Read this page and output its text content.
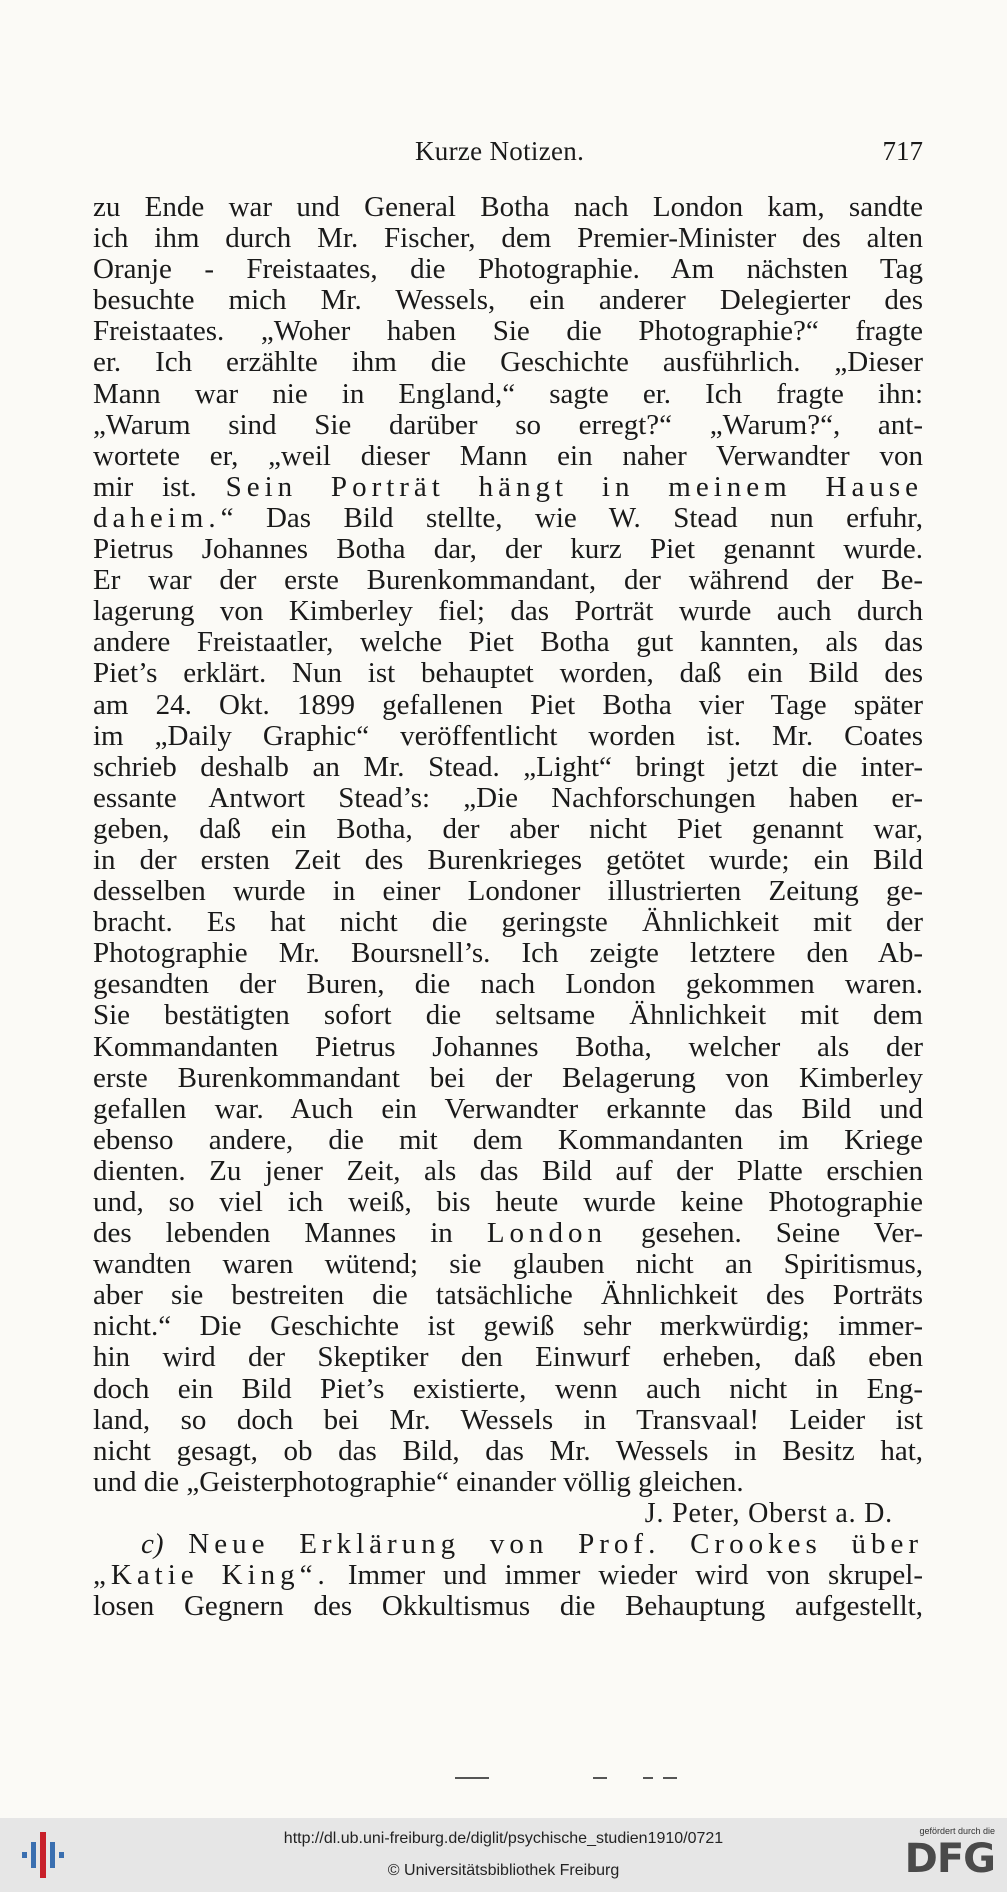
Kurze Notizen.	717
zu Ende war und General Botha nach London kam, sandte
ich ihm durch Mr. Fischer, dem Premier-Minister des alten
Oranje - Freistaates, die Photographie. Am nächsten Tag
besuchte mich Mr. Wessels, ein anderer Delegierter des
Freistaates. „Woher haben Sie die Photographie?“ fragte
er. Ich erzählte ihm die Geschichte ausführlich. „Dieser
Mann war nie in England,“ sagte er. Ich fragte ihn:
„Warum sind Sie darüber so erregt?“ „Warum?“, ant-
wortete er, „weil dieser Mann ein naher Verwandter von
mir ist. Sein Porträt hängt in meinem Hause
daheim.“ Das Bild stellte, wie W. Stead nun erfuhr,
Pietrus Johannes Botha dar, der kurz Piet genannt wurde.
Er war der erste Burenkommandant, der während der Be-
lagerung von Kimberley fiel; das Porträt wurde auch durch
andere Freistaatler, welche Piet Botha gut kannten, als das
Piet’s erklärt. Nun ist behauptet worden, daß ein Bild des
am 24. Okt. 1899 gefallenen Piet Botha vier Tage später
im „Daily Graphic“ veröffentlicht worden ist. Mr. Coates
schrieb deshalb an Mr. Stead. „Light“ bringt jetzt die inter-
essante Antwort Stead’s: „Die Nachforschungen haben er-
geben, daß ein Botha, der aber nicht Piet genannt war,
in der ersten Zeit des Burenkrieges getötet wurde; ein Bild
desselben wurde in einer Londoner illustrierten Zeitung ge-
bracht. Es hat nicht die geringste Ähnlichkeit mit der
Photographie Mr. Boursnell’s. Ich zeigte letztere den Ab-
gesandten der Buren, die nach London gekommen waren.
Sie bestätigten sofort die seltsame Ähnlichkeit mit dem
Kommandanten Pietrus Johannes Botha, welcher als der
erste Burenkommandant bei der Belagerung von Kimberley
gefallen war. Auch ein Verwandter erkannte das Bild und
ebenso andere, die mit dem Kommandanten im Kriege
dienten. Zu jener Zeit, als das Bild auf der Platte erschien
und, so viel ich weiß, bis heute wurde keine Photographie
des lebenden Mannes in London gesehen. Seine Ver-
wandten waren wütend; sie glauben nicht an Spiritismus,
aber sie bestreiten die tatsächliche Ähnlichkeit des Porträts
nicht.“ Die Geschichte ist gewiß sehr merkwürdig; immer-
hin wird der Skeptiker den Einwurf erheben, daß eben
doch ein Bild Piet’s existierte, wenn auch nicht in Eng-
land, so doch bei Mr. Wessels in Transvaal! Leider ist
nicht gesagt, ob das Bild, das Mr. Wessels in Besitz hat,
und die „Geisterphotographie“ einander völlig gleichen.
J. Peter, Oberst a. D.
c) Neue Erklärung von Prof. Crookes über
„Katie King“. Immer und immer wieder wird von skrupel-
losen Gegnern des Okkultismus die Behauptung aufgestellt,
http://dl.ub.uni-freiburg.de/diglit/psychische_studien1910/0721
© Universitätsbibliothek Freiburg
gefördert durch die
DFG
